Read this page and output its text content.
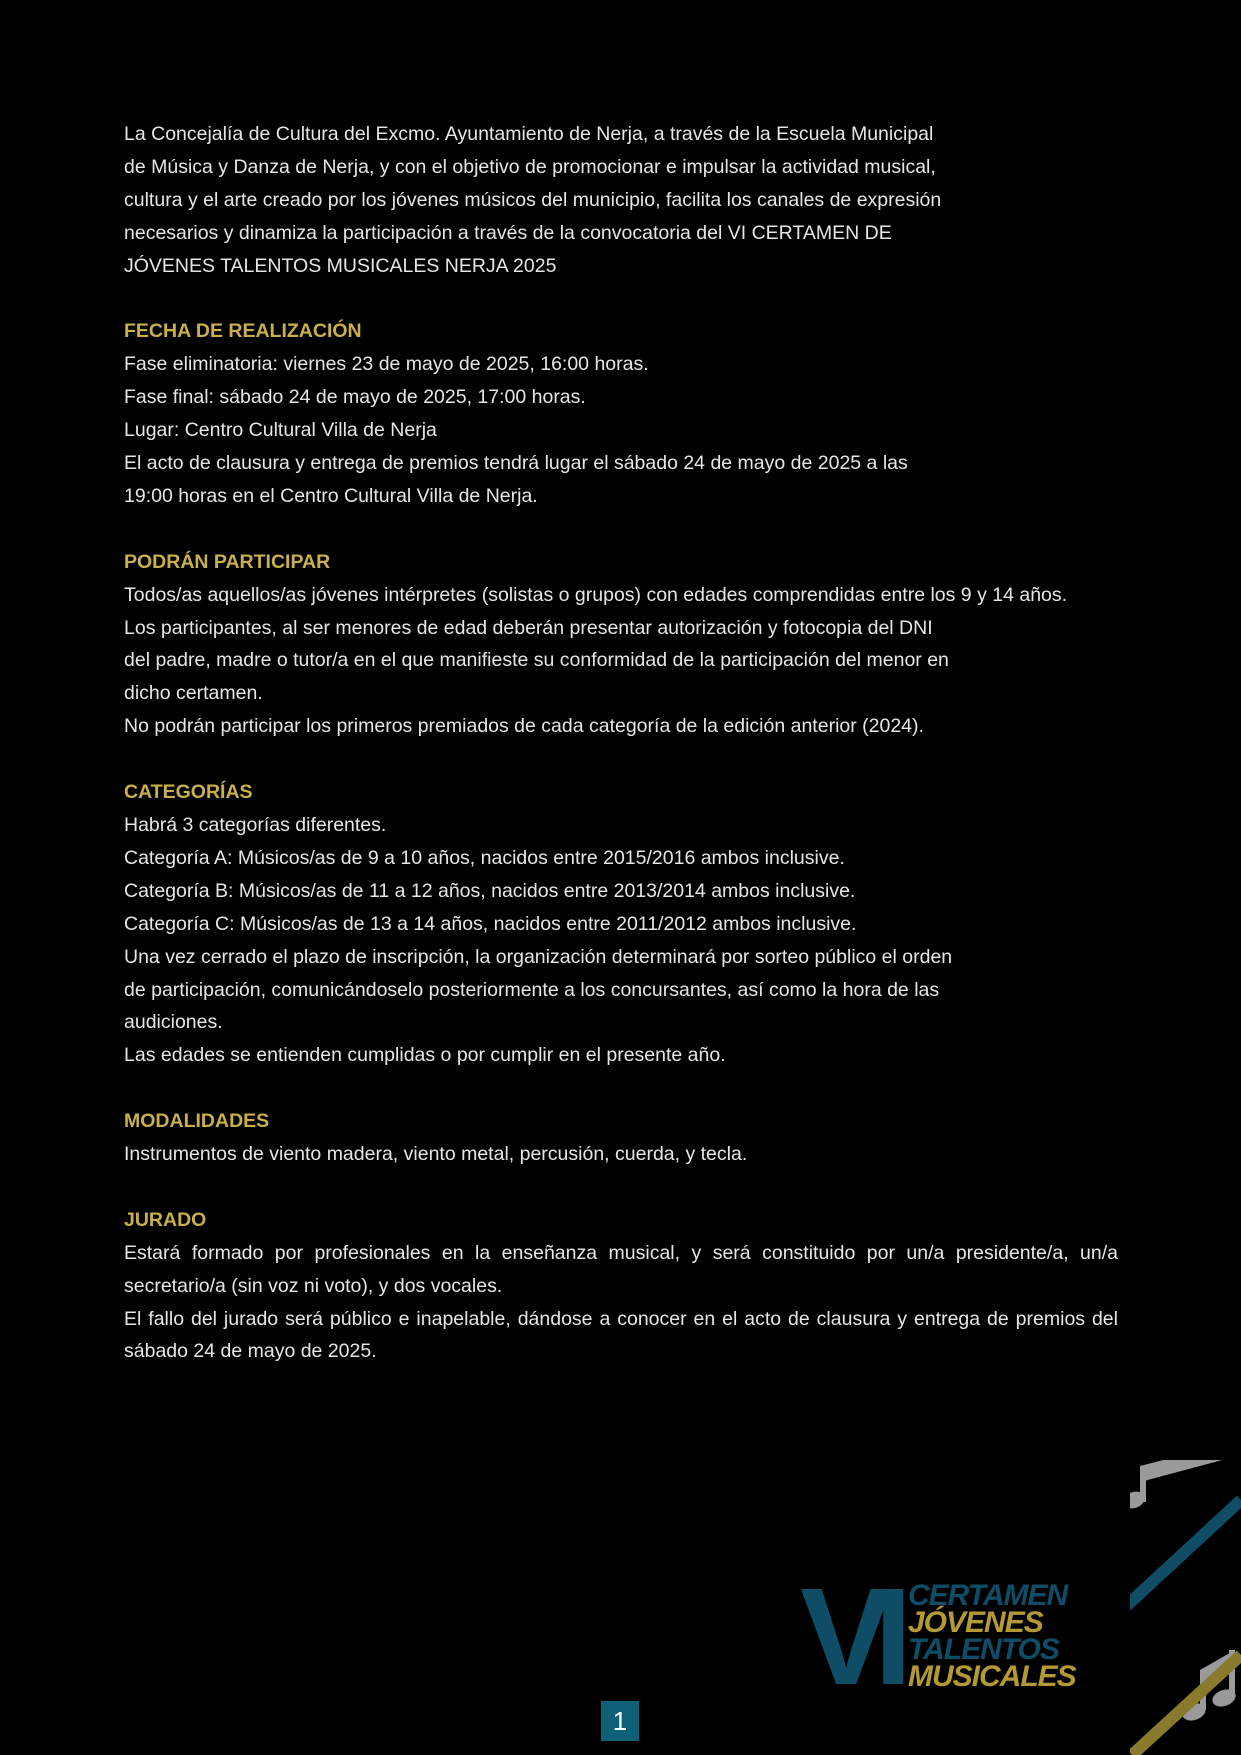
La Concejalía de Cultura del Excmo. Ayuntamiento de Nerja, a través de la Escuela Municipal
de Música y Danza de Nerja, y con el objetivo de promocionar e impulsar la actividad musical,
cultura y el arte creado por los jóvenes músicos del municipio, facilita los canales de expresión
necesarios y dinamiza la participación a través de la convocatoria del VI CERTAMEN DE
JÓVENES TALENTOS MUSICALES NERJA 2025
FECHA DE REALIZACIÓN
Fase eliminatoria: viernes 23 de mayo de 2025, 16:00 horas.
Fase final: sábado 24 de mayo de 2025, 17:00 horas.
Lugar: Centro Cultural Villa de Nerja
El acto de clausura y entrega de premios tendrá lugar el sábado 24 de mayo de 2025 a las
19:00 horas en el Centro Cultural Villa de Nerja.
PODRÁN PARTICIPAR
Todos/as aquellos/as jóvenes intérpretes (solistas o grupos) con edades comprendidas entre los 9 y 14 años.
Los participantes, al ser menores de edad deberán presentar autorización y fotocopia del DNI
del padre, madre o tutor/a en el que manifieste su conformidad de la participación del menor en
dicho certamen.
No podrán participar los primeros premiados de cada categoría de la edición anterior (2024).
CATEGORÍAS
Habrá 3 categorías diferentes.
Categoría A: Músicos/as de 9 a 10 años, nacidos entre 2015/2016 ambos inclusive.
Categoría B: Músicos/as de 11 a 12 años, nacidos entre 2013/2014 ambos inclusive.
Categoría C: Músicos/as de 13 a 14 años, nacidos entre 2011/2012 ambos inclusive.
Una vez cerrado el plazo de inscripción, la organización determinará por sorteo público el orden
de participación, comunicándoselo posteriormente a los concursantes, así como la hora de las
audiciones.
Las edades se entienden cumplidas o por cumplir en el presente año.
MODALIDADES
Instrumentos de viento madera, viento metal, percusión, cuerda, y tecla.
JURADO
Estará formado por profesionales en la enseñanza musical, y será constituido por un/a presidente/a, un/a secretario/a (sin voz ni voto), y dos vocales.
El fallo del jurado será público e inapelable, dándose a conocer en el acto de clausura y entrega de premios del sábado 24 de mayo de 2025.
VI CERTAMEN
JÓVENES
TALENTOS
MUSICALES
1
